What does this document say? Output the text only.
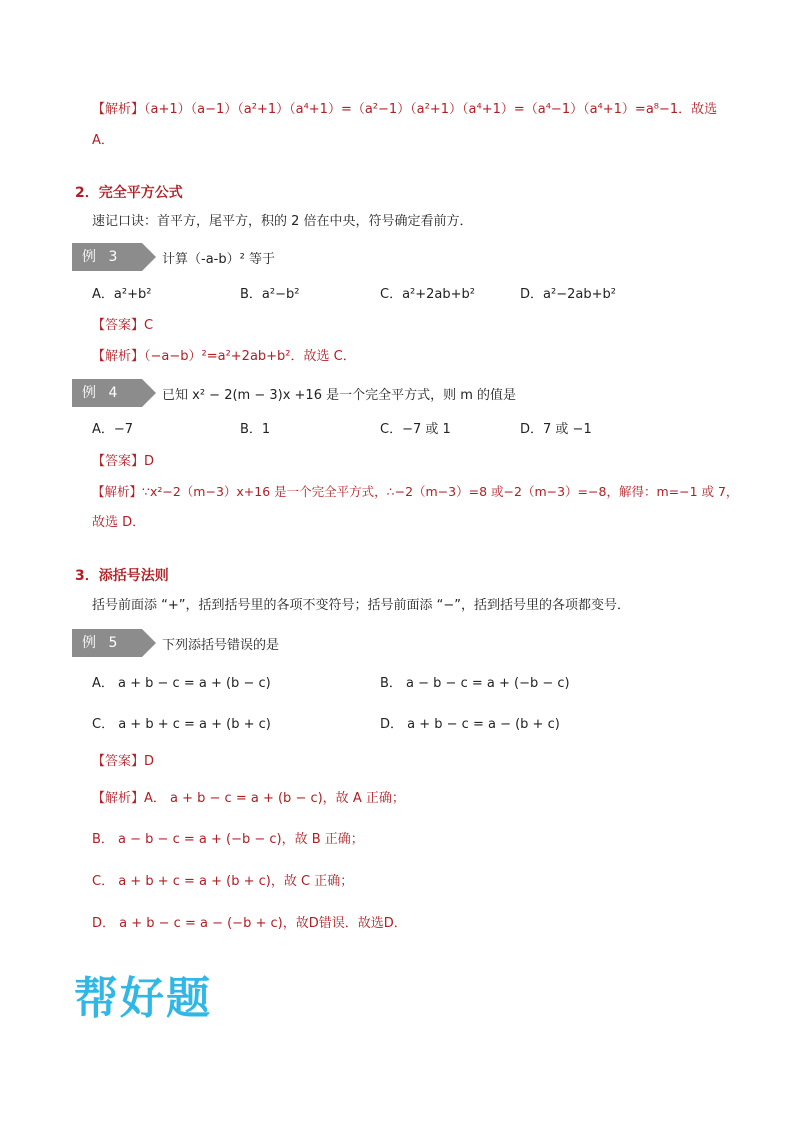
【解析】（a+1）（a−1）（a²+1）（a⁴+1）=（a²−1）（a²+1）（a⁴+1）=（a⁴−1）（a⁴+1）=a⁸−1．故选
A．
2．完全平方公式
速记口诀：首平方，尾平方，积的 2 倍在中央，符号确定看前方．
例 3	计算（-a-b）² 等于
A．a²+b²	B．a²−b²	C．a²+2ab+b²	D．a²−2ab+b²
【答案】C
【解析】（−a−b）²=a²+2ab+b²．故选 C．
例 4	已知 x² − 2(m − 3)x +16 是一个完全平方式，则 m 的值是
A．−7	B．1	C．−7 或 1	D．7 或 −1
【答案】D
【解析】∵x²−2（m−3）x+16 是一个完全平方式，∴−2（m−3）=8 或−2（m−3）=−8，解得：m=−1 或 7，
故选 D．
3．添括号法则
括号前面添 “+”，括到括号里的各项不变符号；括号前面添 “−”，括到括号里的各项都变号．
例 5	下列添括号错误的是
A． a + b − c = a + (b − c)	B． a − b − c = a + (−b − c)
C． a + b + c = a + (b + c)	D． a + b − c = a − (b + c)
【答案】D
【解析】A． a + b − c = a + (b − c)，故 A 正确；
B． a − b − c = a + (−b − c)，故 B 正确；
C． a + b + c = a + (b + c)，故 C 正确；
D． a + b − c = a − (−b + c)，故D错误．故选D．
帮好题
